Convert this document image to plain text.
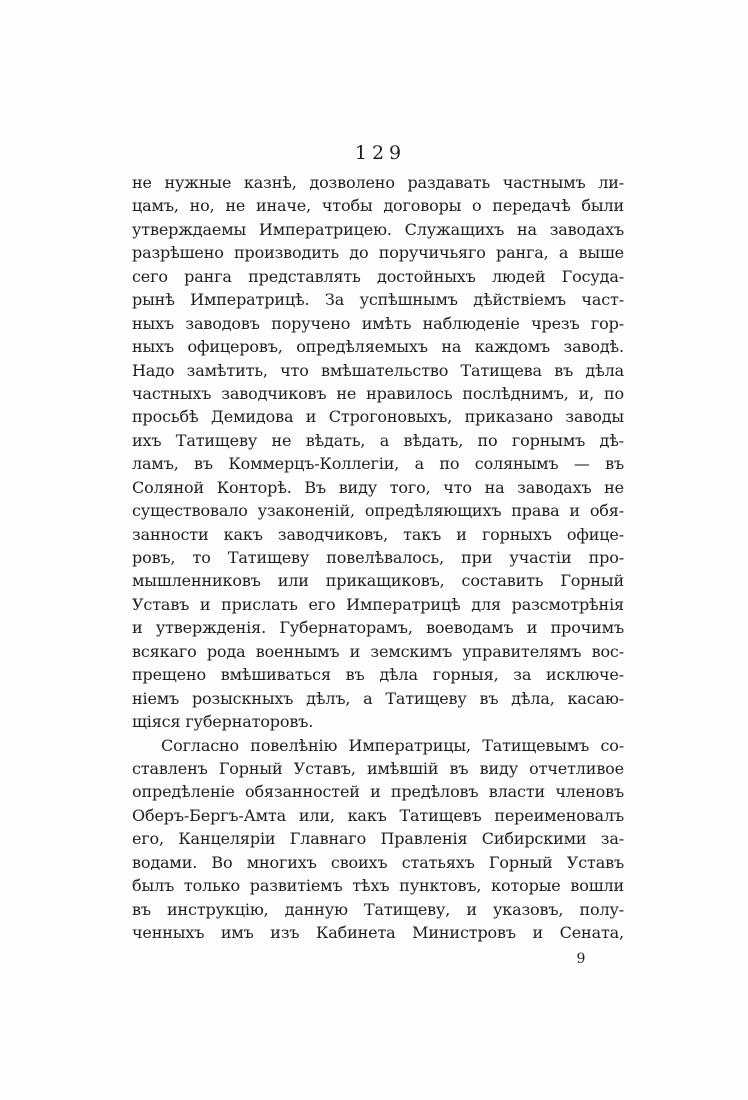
129
не нужные казнѣ, дозволено раздавать частнымъ ли-
цамъ, но, не иначе, чтобы договоры о передачѣ были
утверждаемы Императрицею. Служащихъ на заводахъ
разрѣшено производить до поручичьяго ранга, а выше
сего ранга представлять достойныхъ людей Госуда-
рынѣ Императрицѣ. За успѣшнымъ дѣйствіемъ част-
ныхъ заводовъ поручено имѣть наблюденіе чрезъ гор-
ныхъ офицеровъ, опредѣляемыхъ на каждомъ заводѣ.
Надо замѣтить, что вмѣшательство Татищева въ дѣла
частныхъ заводчиковъ не нравилось послѣднимъ, и, по
просьбѣ Демидова и Строгоновыхъ, приказано заводы
ихъ Татищеву не вѣдать, а вѣдать, по горнымъ дѣ-
ламъ, въ Коммерцъ-Коллегіи, а по солянымъ — въ
Соляной Конторѣ. Въ виду того, что на заводахъ не
существовало узаконеній, опредѣляющихъ права и обя-
занности какъ заводчиковъ, такъ и горныхъ офице-
ровъ, то Татищеву повелѣвалось, при участіи про-
мышленниковъ или прикащиковъ, составить Горный
Уставъ и прислать его Императрицѣ для разсмотрѣнія
и утвержденія. Губернаторамъ, воеводамъ и прочимъ
всякаго рода военнымъ и земскимъ управителямъ вос-
прещено вмѣшиваться въ дѣла горныя, за исключе-
ніемъ розыскныхъ дѣлъ, а Татищеву въ дѣла, касаю-
щіяся губернаторовъ.
Согласно повелѣнію Императрицы, Татищевымъ со-
ставленъ Горный Уставъ, имѣвшій въ виду отчетливое
опредѣленіе обязанностей и предѣловъ власти членовъ
Оберъ-Бергъ-Амта или, какъ Татищевъ переименовалъ
его, Канцеляріи Главнаго Правленія Сибирскими за-
водами. Во многихъ своихъ статьяхъ Горный Уставъ
былъ только развитіемъ тѣхъ пунктовъ, которые вошли
въ инструкцію, данную Татищеву, и указовъ, полу-
ченныхъ имъ изъ Кабинета Министровъ и Сената,
9
